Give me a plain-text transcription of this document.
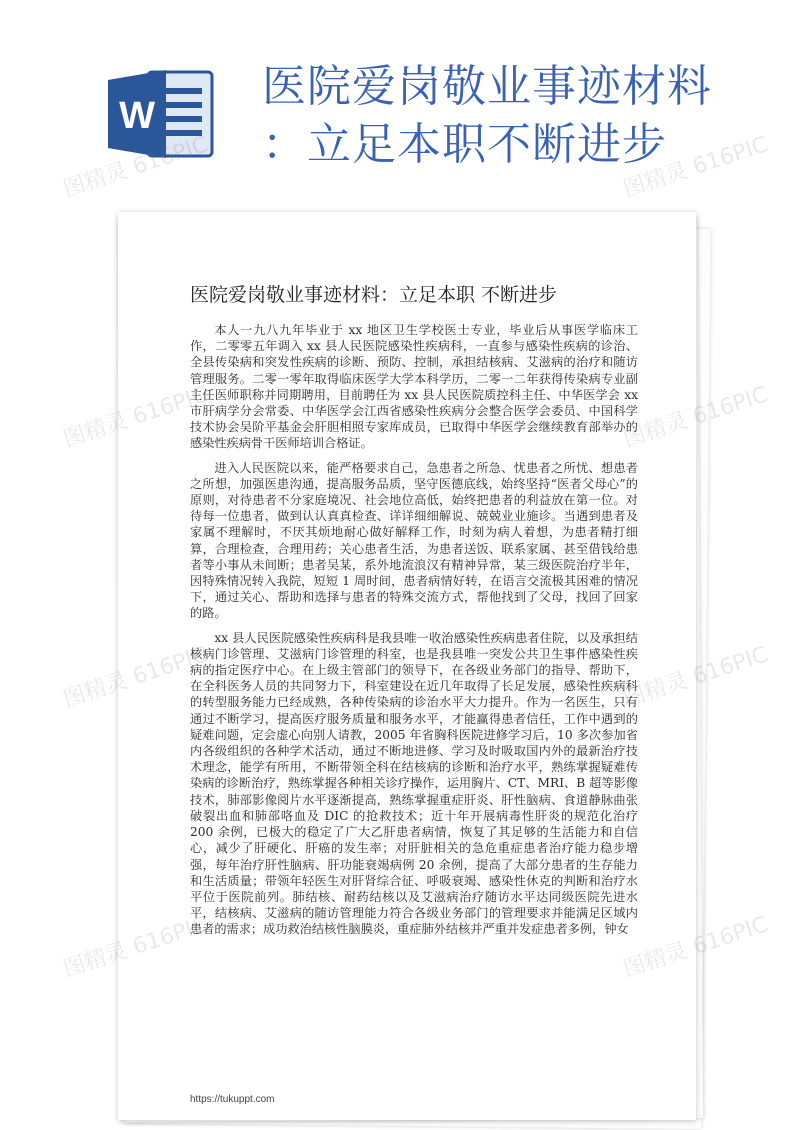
W
医院爱岗敬业事迹材料
：立足本职不断进步
医院爱岗敬业事迹材料：立足本职 不断进步

本人一九八九年毕业于 xx 地区卫生学校医士专业，毕业后从事医学临床工作，二零零五年调入 xx 县人民医院感染性疾病科，一直参与感染性疾病的诊治、全县传染病和突发性疾病的诊断、预防、控制，承担结核病、艾滋病的治疗和随访管理服务。二零一零年取得临床医学大学本科学历，二零一二年获得传染病专业副主任医师职称并同期聘用，目前聘任为 xx 县人民医院质控科主任、中华医学会 xx 市肝病学分会常委、中华医学会江西省感染性疾病分会整合医学会委员、中国科学技术协会吴阶平基金会肝胆相照专家库成员，已取得中华医学会继续教育部举办的感染性疾病骨干医师培训合格证。

进入人民医院以来，能严格要求自己，急患者之所急、忧患者之所忧、想患者之所想，加强医患沟通，提高服务品质，坚守医德底线，始终坚持“医者父母心”的原则，对待患者不分家庭境况、社会地位高低，始终把患者的利益放在第一位。对待每一位患者，做到认认真真检查、详详细细解说、兢兢业业施诊。当遇到患者及家属不理解时，不厌其烦地耐心做好解释工作，时刻为病人着想，为患者精打细算，合理检查，合理用药；关心患者生活，为患者送饭、联系家属、甚至借钱给患者等小事从未间断；患者吴某，系外地流浪汉有精神异常，某三级医院治疗半年，因特殊情况转入我院，短短 1 周时间，患者病情好转，在语言交流极其困难的情况下，通过关心、帮助和选择与患者的特殊交流方式，帮他找到了父母，找回了回家的路。

xx 县人民医院感染性疾病科是我县唯一收治感染性疾病患者住院，以及承担结核病门诊管理、艾滋病门诊管理的科室，也是我县唯一突发公共卫生事件感染性疾病的指定医疗中心。在上级主管部门的领导下，在各级业务部门的指导、帮助下，在全科医务人员的共同努力下，科室建设在近几年取得了长足发展，感染性疾病科的转型服务能力已经成熟，各种传染病的诊治水平大力提升。作为一名医生，只有通过不断学习，提高医疗服务质量和服务水平，才能赢得患者信任，工作中遇到的疑难问题，定会虚心向别人请教，2005 年省胸科医院进修学习后，10 多次参加省内各级组织的各种学术活动，通过不断地进修、学习及时吸取国内外的最新治疗技术理念，能学有所用，不断带领全科在结核病的诊断和治疗水平，熟练掌握疑难传染病的诊断治疗，熟练掌握各种相关诊疗操作，运用胸片、CT、MRI、B 超等影像技术，肺部影像阅片水平逐渐提高，熟练掌握重症肝炎、肝性脑病、食道静脉曲张破裂出血和肺部咯血及 DIC 的抢救技术；近十年开展病毒性肝炎的规范化治疗 200 余例，已极大的稳定了广大乙肝患者病情，恢复了其足够的生活能力和自信心，减少了肝硬化、肝癌的发生率；对肝脏相关的急危重症患者治疗能力稳步增强，每年治疗肝性脑病、肝功能衰竭病例 20 余例，提高了大部分患者的生存能力和生活质量；带领年轻医生对肝肾综合征、呼吸衰竭、感染性休克的判断和治疗水平位于医院前列。肺结核、耐药结核以及艾滋病治疗随访水平达同级医院先进水平，结核病、艾滋病的随访管理能力符合各级业务部门的管理要求并能满足区域内患者的需求；成功救治结核性脑膜炎，重症肺外结核并严重并发症患者多例，钟女

https://tukuppt.com
图精灵
616PIC
图精灵
616PIC
图精灵
616PIC
